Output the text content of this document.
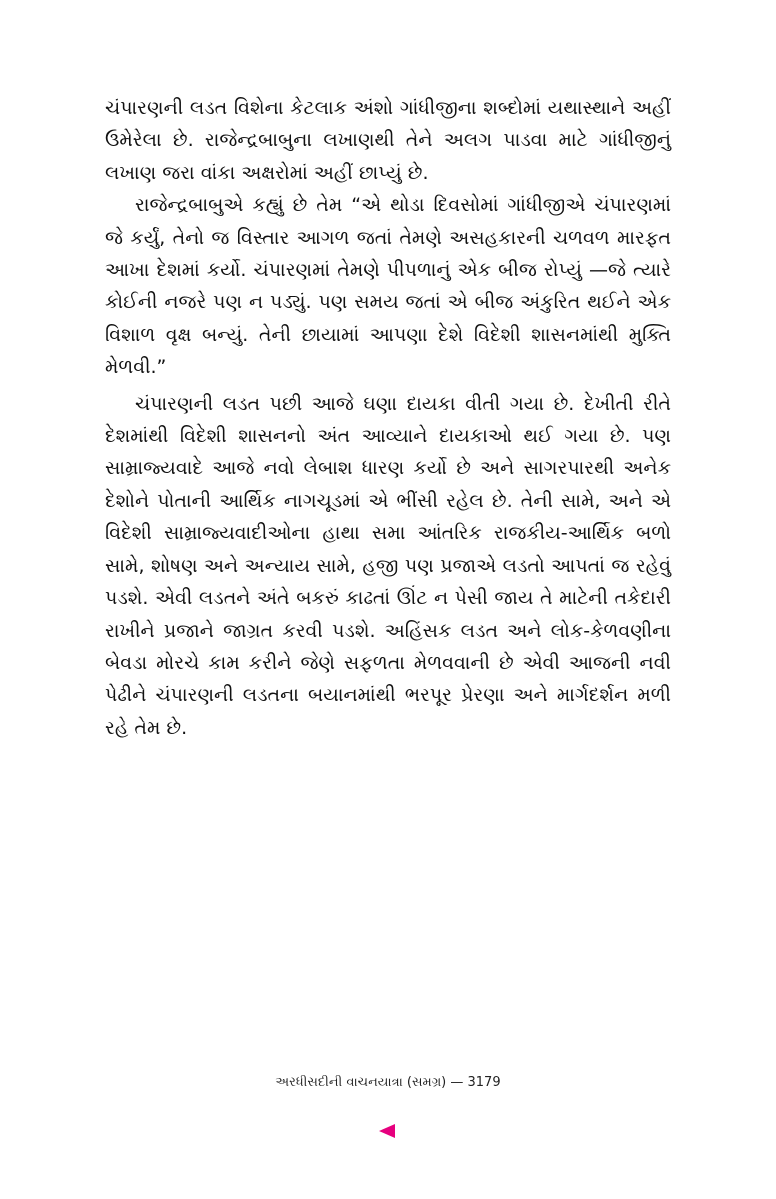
ચંપારણની લડત વિશેના કેટલાક અંશો ગાંધીજીના શબ્દોમાં યથાસ્થાને અહીં ઉમેરેલા છે. રાજેન્દ્રબાબુના લખાણથી તેને અલગ પાડવા માટે ગાંધીજીનું લખાણ જરા વાંકા અક્ષરોમાં અહીં છાપ્યું છે.

રાજેન્દ્રબાબુએ કહ્યું છે તેમ “એ થોડા દિવસોમાં ગાંધીજીએ ચંપારણમાં જે કર્યું, તેનો જ વિસ્તાર આગળ જતાં તેમણે અસહકારની ચળવળ મારફત આખા દેશમાં કર્યો. ચંપારણમાં તેમણે પીપળાનું એક બીજ રોપ્યું —જે ત્યારે કોઈની નજરે પણ ન પડ્યું. પણ સમય જતાં એ બીજ અંકુરિત થઈને એક વિશાળ વૃક્ષ બન્યું. તેની છાયામાં આપણા દેશે વિદેશી શાસનમાંથી મુક્તિ મેળવી.”

ચંપારણની લડત પછી આજે ઘણા દાયકા વીતી ગયા છે. દેખીતી રીતે દેશમાંથી વિદેશી શાસનનો અંત આવ્યાને દાયકાઓ થઈ ગયા છે. પણ સામ્રાજ્યવાદે આજે નવો લેબાશ ધારણ કર્યો છે અને સાગરપારથી અનેક દેશોને પોતાની આર્થિક નાગચૂડમાં એ ભીંસી રહેલ છે. તેની સામે, અને એ વિદેશી સામ્રાજ્યવાદીઓના હાથા સમા આંતરિક રાજકીય-આર્થિક બળો સામે, શોષણ અને અન્યાય સામે, હજી પણ પ્રજાએ લડતો આપતાં જ રહેવું પડશે. એવી લડતને અંતે બકરું કાઢતાં ઊંટ ન પેસી જાય તે માટેની તકેદારી રાખીને પ્રજાને જાગ્રત કરવી પડશે. અહિંસક લડત અને લોક-કેળવણીના બેવડા મોરચે કામ કરીને જેણે સફળતા મેળવવાની છે એવી આજની નવી પેઢીને ચંપારણની લડતના બયાનમાંથી ભરપૂર પ્રેરણા અને માર્ગદર્શન મળી રહે તેમ છે.

અરધીસદીની વાચનયાત્રા (સમગ્ર) — 3179
